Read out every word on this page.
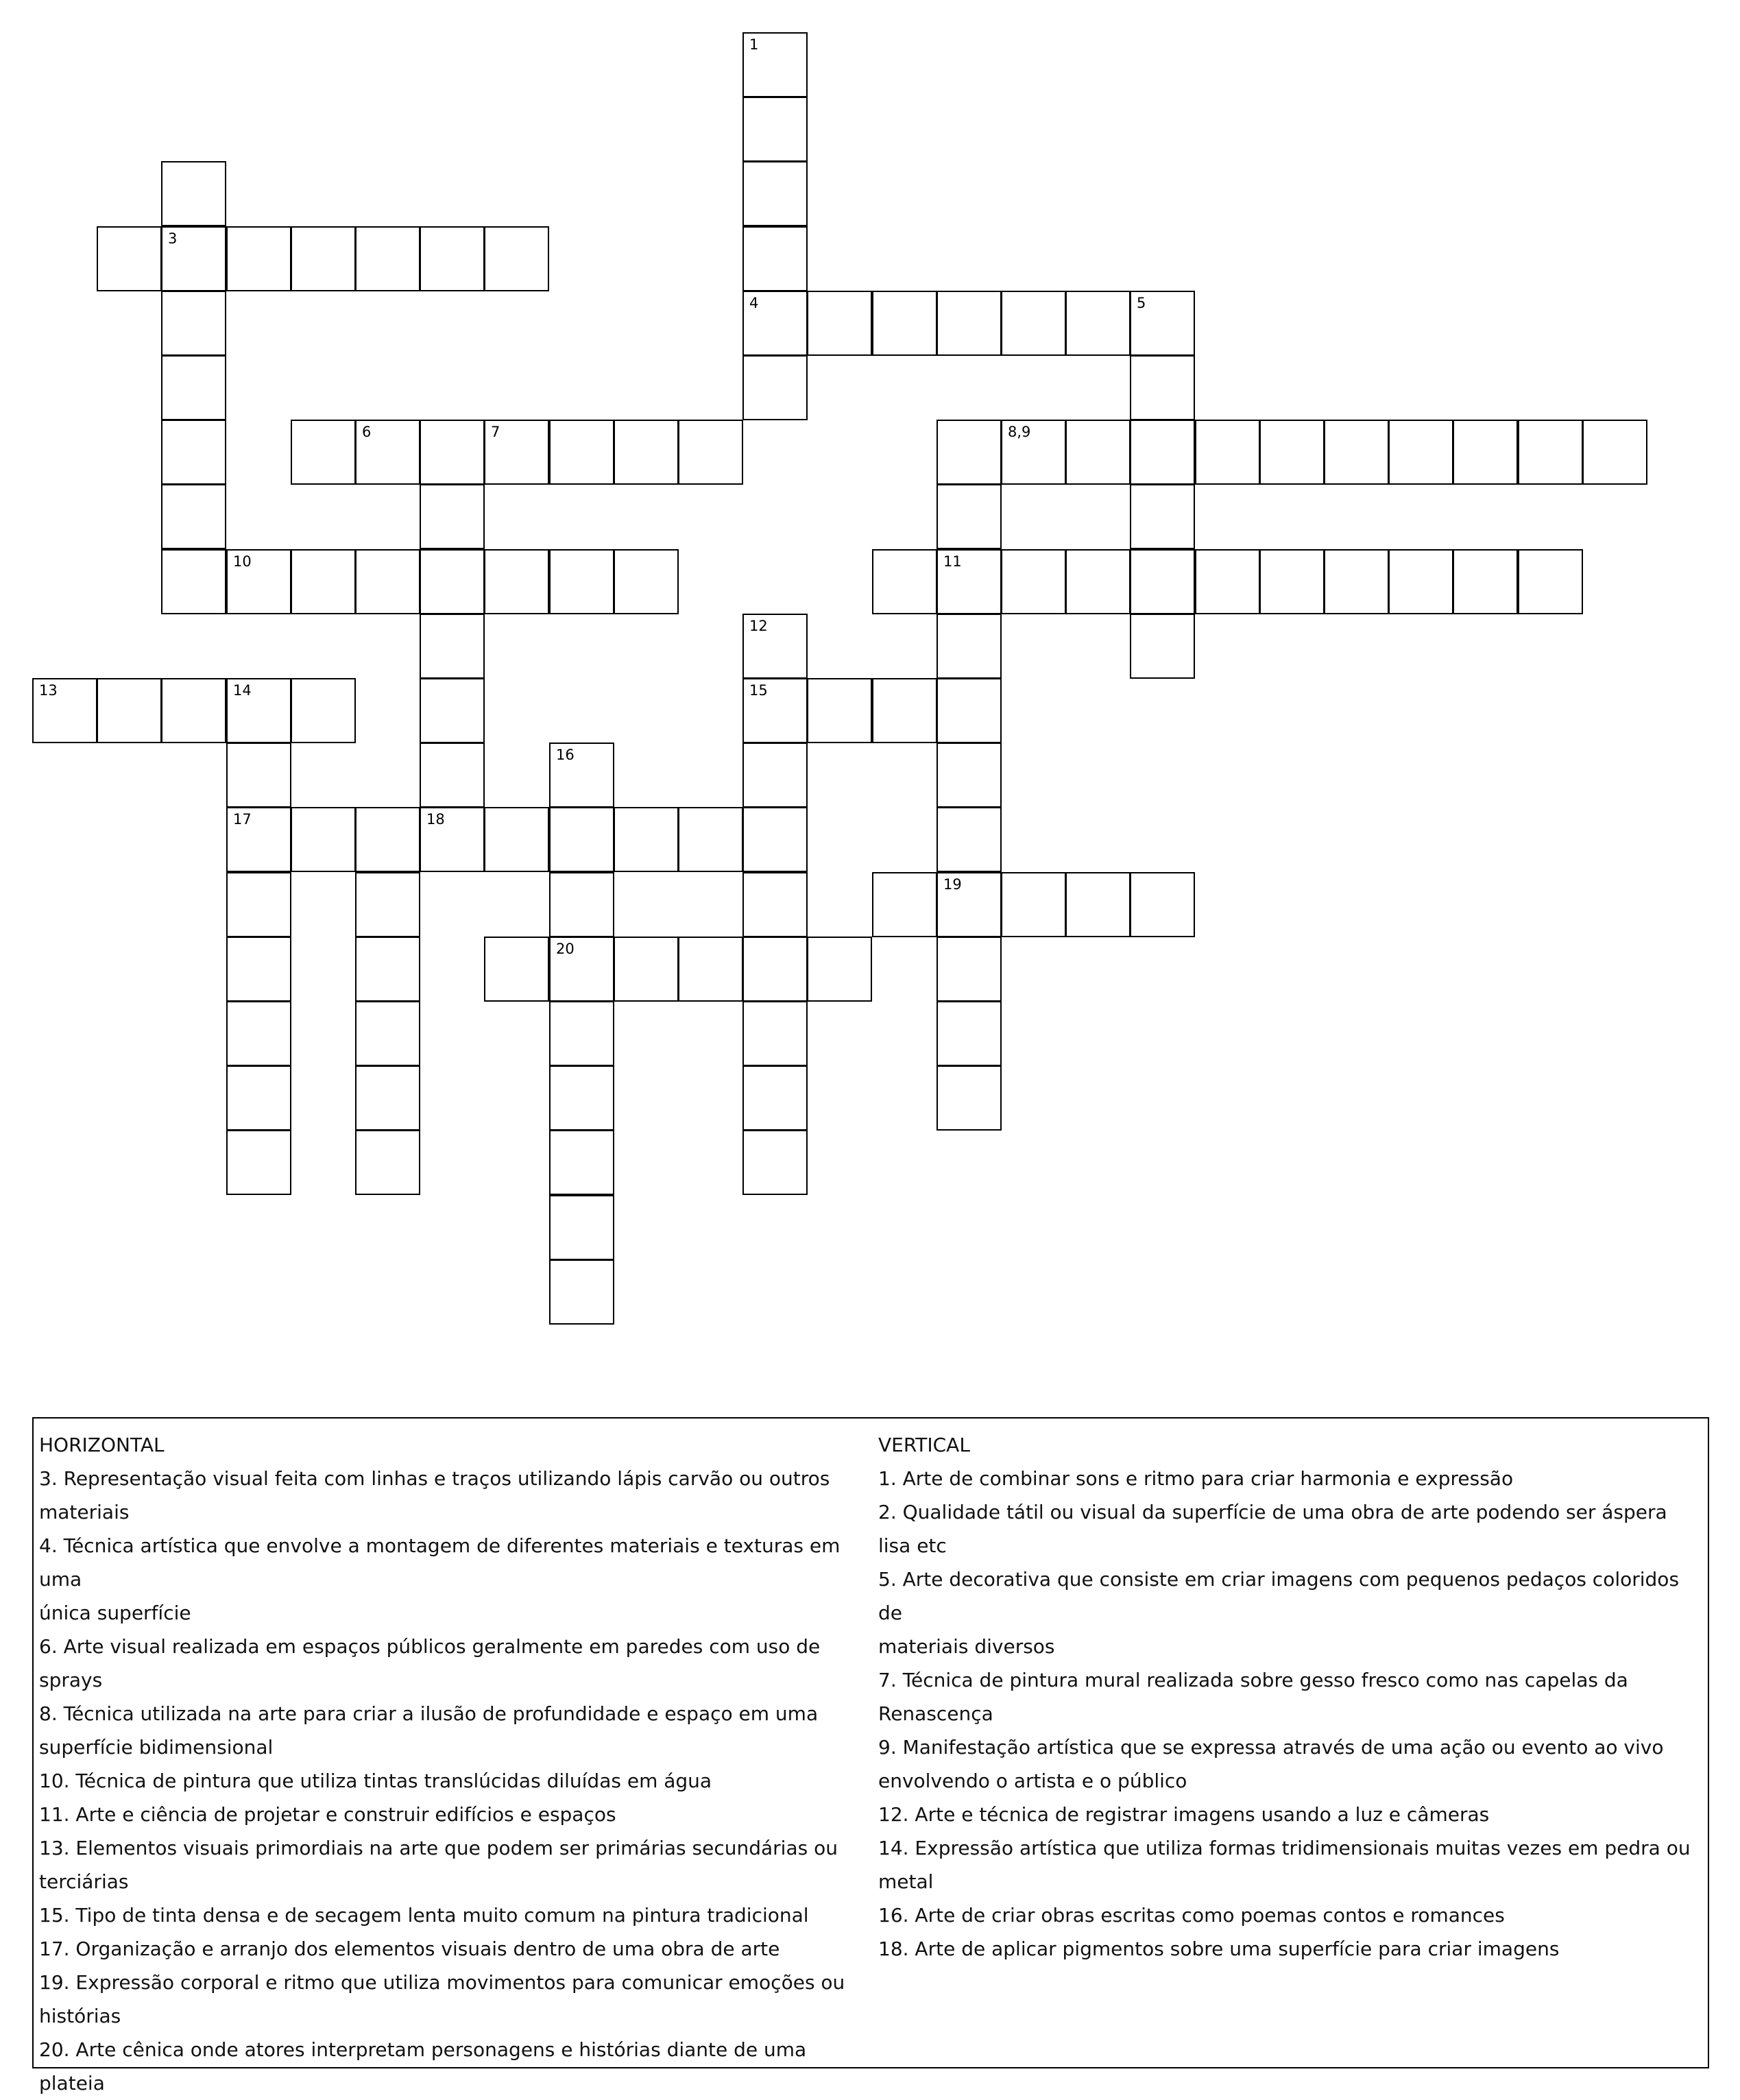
1
4
3
5
6	7	8,9
11
19
10
13	14
17
12
15
16
20
18
HORIZONTAL
3. Representação visual feita com linhas e traços utilizando lápis carvão ou outros
materiais
4. Técnica artística que envolve a montagem de diferentes materiais e texturas em uma
única superfície
6. Arte visual realizada em espaços públicos geralmente em paredes com uso de sprays
8. Técnica utilizada na arte para criar a ilusão de profundidade e espaço em uma
superfície bidimensional
10. Técnica de pintura que utiliza tintas translúcidas diluídas em água
11. Arte e ciência de projetar e construir edifícios e espaços
13. Elementos visuais primordiais na arte que podem ser primárias secundárias ou
terciárias
15. Tipo de tinta densa e de secagem lenta muito comum na pintura tradicional
17. Organização e arranjo dos elementos visuais dentro de uma obra de arte
19. Expressão corporal e ritmo que utiliza movimentos para comunicar emoções ou
histórias
20. Arte cênica onde atores interpretam personagens e histórias diante de uma plateia
VERTICAL
1. Arte de combinar sons e ritmo para criar harmonia e expressão
2. Qualidade tátil ou visual da superfície de uma obra de arte podendo ser áspera lisa etc
5. Arte decorativa que consiste em criar imagens com pequenos pedaços coloridos de
materiais diversos
7. Técnica de pintura mural realizada sobre gesso fresco como nas capelas da
Renascença
9. Manifestação artística que se expressa através de uma ação ou evento ao vivo
envolvendo o artista e o público
12. Arte e técnica de registrar imagens usando a luz e câmeras
14. Expressão artística que utiliza formas tridimensionais muitas vezes em pedra ou
metal
16. Arte de criar obras escritas como poemas contos e romances
18. Arte de aplicar pigmentos sobre uma superfície para criar imagens
